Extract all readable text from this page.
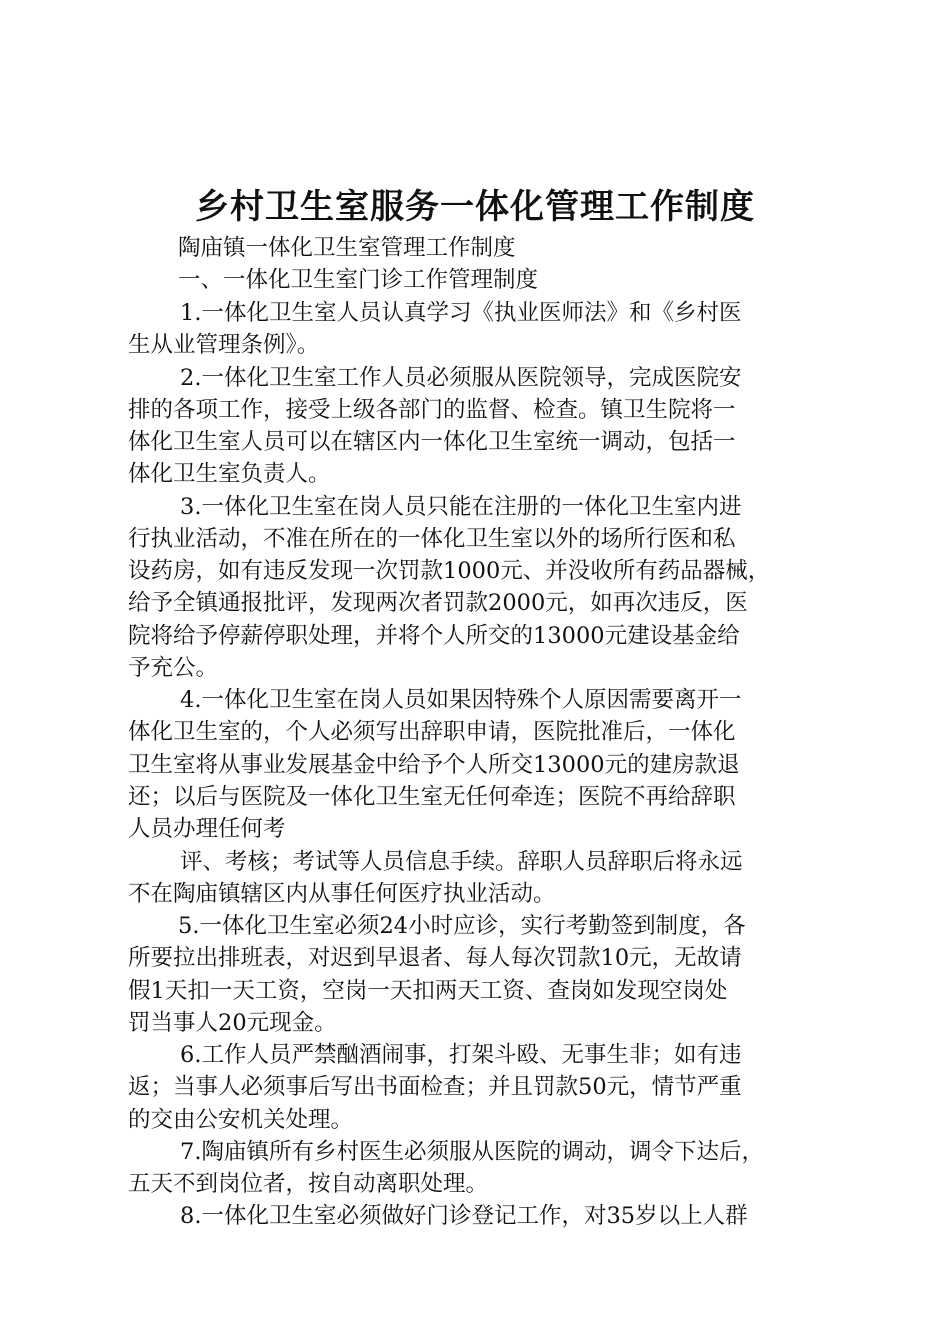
乡村卫生室服务一体化管理工作制度
陶庙镇一体化卫生室管理工作制度
一、一体化卫生室门诊工作管理制度
1.一体化卫生室人员认真学习《执业医师法》和《乡村医
生从业管理条例》。
2.一体化卫生室工作人员必须服从医院领导，完成医院安
排的各项工作，接受上级各部门的监督、检查。镇卫生院将一
体化卫生室人员可以在辖区内一体化卫生室统一调动，包括一
体化卫生室负责人。
3.一体化卫生室在岗人员只能在注册的一体化卫生室内进
行执业活动，不准在所在的一体化卫生室以外的场所行医和私
设药房，如有违反发现一次罚款1000元、并没收所有药品器械，
给予全镇通报批评，发现两次者罚款2000元，如再次违反，医
院将给予停薪停职处理，并将个人所交的13000元建设基金给
予充公。
4.一体化卫生室在岗人员如果因特殊个人原因需要离开一
体化卫生室的，个人必须写出辞职申请，医院批准后，一体化
卫生室将从事业发展基金中给予个人所交13000元的建房款退
还；以后与医院及一体化卫生室无任何牵连；医院不再给辞职
人员办理任何考
评、考核；考试等人员信息手续。辞职人员辞职后将永远
不在陶庙镇辖区内从事任何医疗执业活动。
5.一体化卫生室必须24小时应诊，实行考勤签到制度，各
所要拉出排班表，对迟到早退者、每人每次罚款10元，无故请
假1天扣一天工资，空岗一天扣两天工资、查岗如发现空岗处
罚当事人20元现金。
6.工作人员严禁酗酒闹事，打架斗殴、无事生非；如有违
返；当事人必须事后写出书面检查；并且罚款50元，情节严重
的交由公安机关处理。
7.陶庙镇所有乡村医生必须服从医院的调动，调令下达后，
五天不到岗位者，按自动离职处理。
8.一体化卫生室必须做好门诊登记工作，对35岁以上人群
